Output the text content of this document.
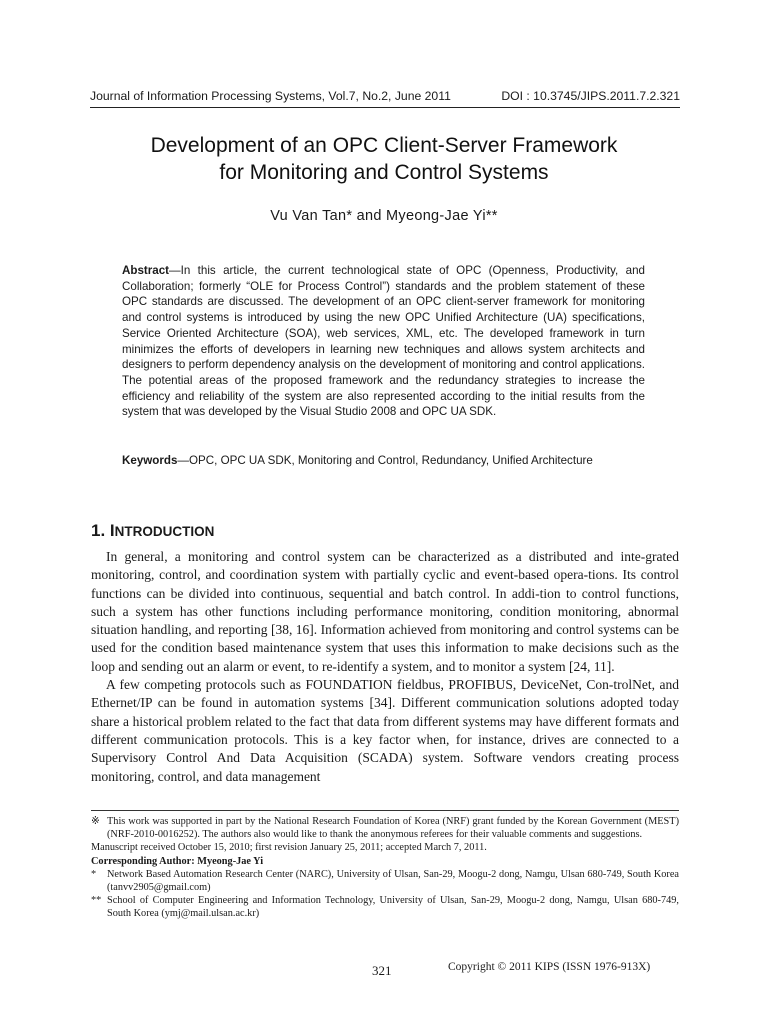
Journal of Information Processing Systems, Vol.7, No.2, June 2011	DOI : 10.3745/JIPS.2011.7.2.321
Development of an OPC Client-Server Framework
for Monitoring and Control Systems
Vu Van Tan* and Myeong-Jae Yi**
Abstract—In this article, the current technological state of OPC (Openness, Productivity, and Collaboration; formerly “OLE for Process Control”) standards and the problem statement of these OPC standards are discussed. The development of an OPC client-server framework for monitoring and control systems is introduced by using the new OPC Unified Architecture (UA) specifications, Service Oriented Architecture (SOA), web services, XML, etc. The developed framework in turn minimizes the efforts of developers in learning new techniques and allows system architects and designers to perform dependency analysis on the development of monitoring and control applications. The potential areas of the proposed framework and the redundancy strategies to increase the efficiency and reliability of the system are also represented according to the initial results from the system that was developed by the Visual Studio 2008 and OPC UA SDK.
Keywords—OPC, OPC UA SDK, Monitoring and Control, Redundancy, Unified Architecture
1. INTRODUCTION

In general, a monitoring and control system can be characterized as a distributed and inte-grated monitoring, control, and coordination system with partially cyclic and event-based opera-tions. Its control functions can be divided into continuous, sequential and batch control. In addi-tion to control functions, such a system has other functions including performance monitoring, condition monitoring, abnormal situation handling, and reporting [38, 16]. Information achieved from monitoring and control systems can be used for the condition based maintenance system that uses this information to make decisions such as the loop and sending out an alarm or event, to re-identify a system, and to monitor a system [24, 11].

A few competing protocols such as FOUNDATION fieldbus, PROFIBUS, DeviceNet, Con-trolNet, and Ethernet/IP can be found in automation systems [34]. Different communication solutions adopted today share a historical problem related to the fact that data from different systems may have different formats and different communication protocols. This is a key factor when, for instance, drives are connected to a Supervisory Control And Data Acquisition (SCADA) system. Software vendors creating process monitoring, control, and data management

※ This work was supported in part by the National Research Foundation of Korea (NRF) grant funded by the Korean Government (MEST) (NRF-2010-0016252). The authors also would like to thank the anonymous referees for their valuable comments and suggestions.
Manuscript received October 15, 2010; first revision January 25, 2011; accepted March 7, 2011.
Corresponding Author: Myeong-Jae Yi
* Network Based Automation Research Center (NARC), University of Ulsan, San-29, Moogu-2 dong, Namgu, Ulsan 680-749, South Korea (tanvv2905@gmail.com)
** School of Computer Engineering and Information Technology, University of Ulsan, San-29, Moogu-2 dong, Namgu, Ulsan 680-749, South Korea (ymj@mail.ulsan.ac.kr)
321	Copyright © 2011 KIPS (ISSN 1976-913X)
